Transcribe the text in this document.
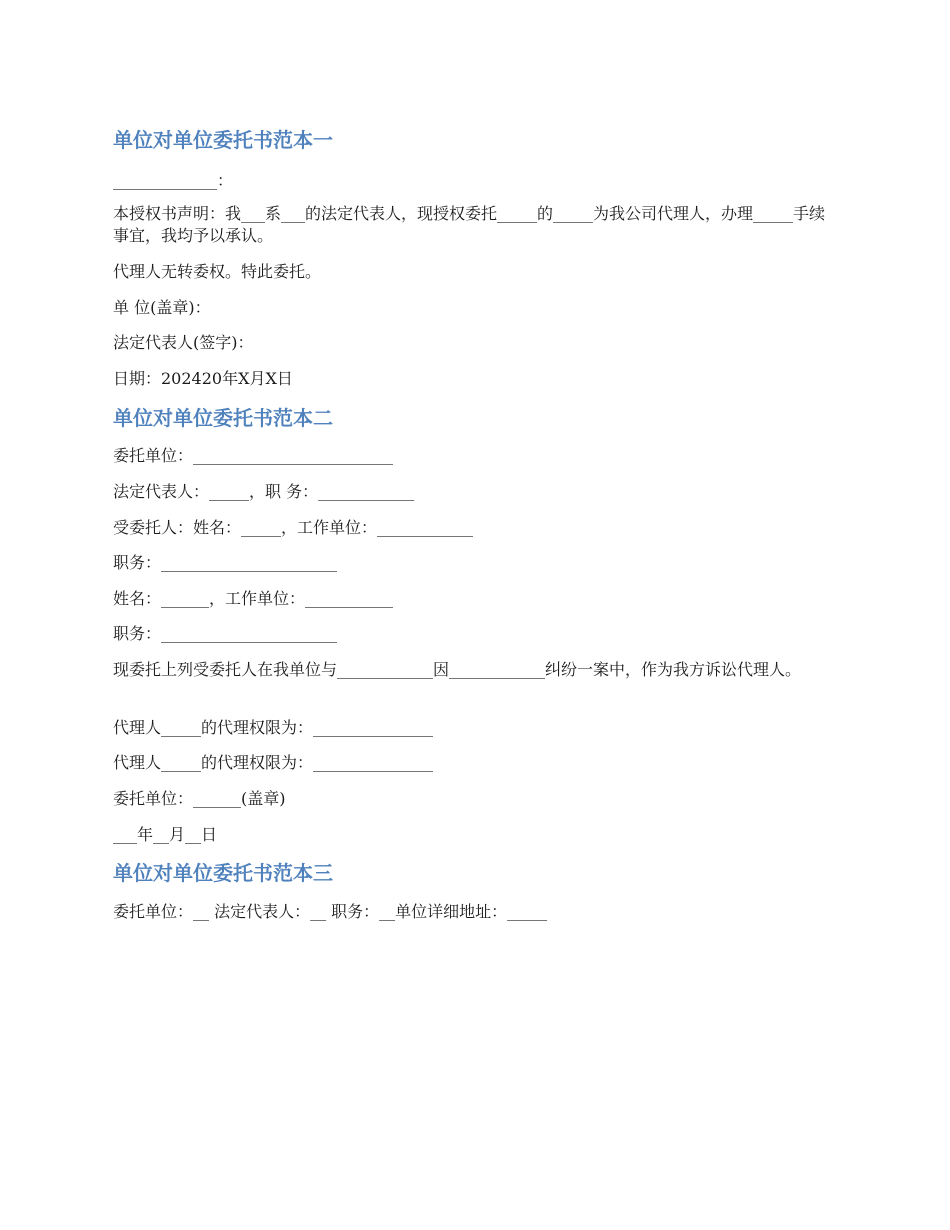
单位对单位委托书范本一
_____________：
本授权书声明：我___系___的法定代表人，现授权委托_____的_____为我公司代理人，办理_____手续事宜，我均予以承认。
代理人无转委权。特此委托。
单 位(盖章)：
法定代表人(签字)：
日期：202420年X月X日
单位对单位委托书范本二
委托单位：_________________________
法定代表人：_____，职 务：____________
受委托人：姓名：_____，工作单位：____________
职务：______________________
姓名：______，工作单位：___________
职务：______________________
现委托上列受委托人在我单位与____________因____________纠纷一案中，作为我方诉讼代理人。
代理人_____的代理权限为：_______________
代理人_____的代理权限为：_______________
委托单位：______(盖章)
___年__月__日
单位对单位委托书范本三
委托单位：__ 法定代表人：__ 职务：__单位详细地址：_____
